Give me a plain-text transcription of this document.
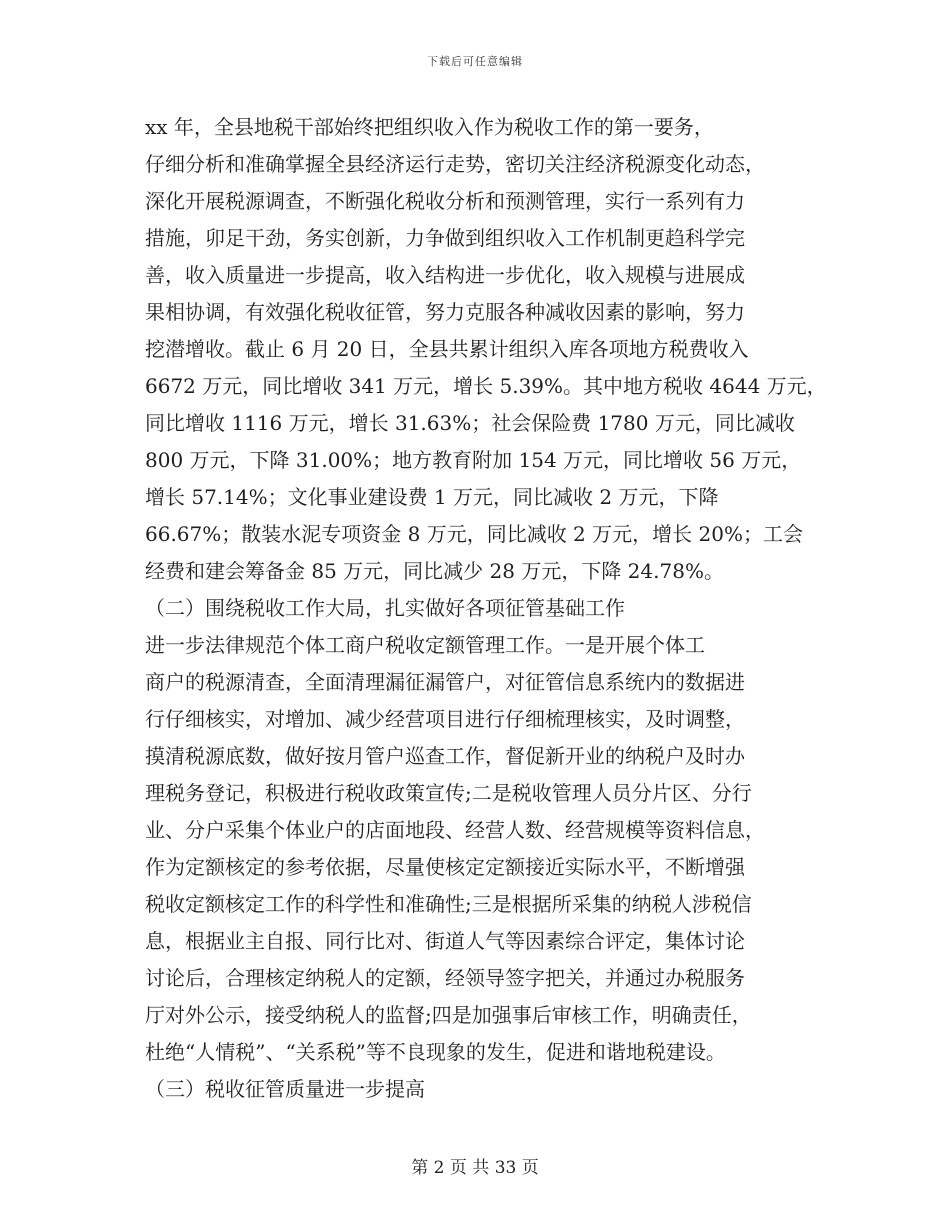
下载后可任意编辑
xx 年，全县地税干部始终把组织收入作为税收工作的第一要务，
仔细分析和准确掌握全县经济运行走势，密切关注经济税源变化动态，
深化开展税源调查，不断强化税收分析和预测管理，实行一系列有力
措施，卯足干劲，务实创新，力争做到组织收入工作机制更趋科学完
善，收入质量进一步提高，收入结构进一步优化，收入规模与进展成
果相协调，有效强化税收征管，努力克服各种减收因素的影响，努力
挖潜增收。截止 6 月 20 日，全县共累计组织入库各项地方税费收入
6672 万元，同比增收 341 万元，增长 5.39%。其中地方税收 4644 万元，
同比增收 1116 万元，增长 31.63%；社会保险费 1780 万元，同比减收
800 万元，下降 31.00%；地方教育附加 154 万元，同比增收 56 万元，
增长 57.14%；文化事业建设费 1 万元，同比减收 2 万元，下降
66.67%；散装水泥专项资金 8 万元，同比减收 2 万元，增长 20%；工会
经费和建会筹备金 85 万元，同比减少 28 万元，下降 24.78%。
（二）围绕税收工作大局，扎实做好各项征管基础工作
进一步法律规范个体工商户税收定额管理工作。一是开展个体工
商户的税源清查，全面清理漏征漏管户，对征管信息系统内的数据进
行仔细核实，对增加、减少经营项目进行仔细梳理核实，及时调整，
摸清税源底数，做好按月管户巡查工作，督促新开业的纳税户及时办
理税务登记，积极进行税收政策宣传;二是税收管理人员分片区、分行
业、分户采集个体业户的店面地段、经营人数、经营规模等资料信息，
作为定额核定的参考依据，尽量使核定定额接近实际水平，不断增强
税收定额核定工作的科学性和准确性;三是根据所采集的纳税人涉税信
息，根据业主自报、同行比对、街道人气等因素综合评定，集体讨论
讨论后，合理核定纳税人的定额，经领导签字把关，并通过办税服务
厅对外公示，接受纳税人的监督;四是加强事后审核工作，明确责任，
杜绝“人情税”、“关系税”等不良现象的发生，促进和谐地税建设。
（三）税收征管质量进一步提高
第 2 页 共 33 页
